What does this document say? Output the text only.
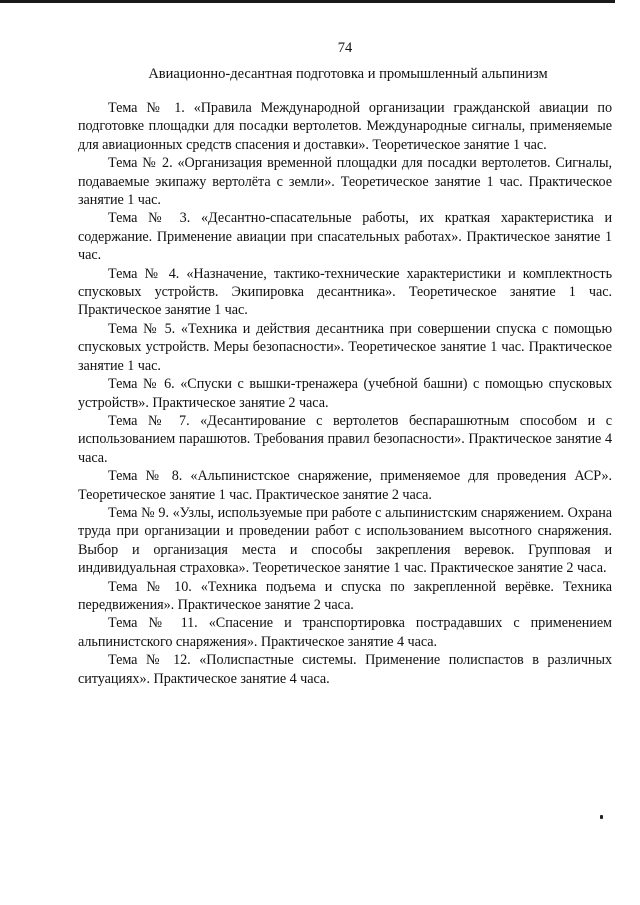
74
Авиационно-десантная подготовка и промышленный альпинизм

Тема № 1. «Правила Международной организации гражданской авиации по подготовке площадки для посадки вертолетов. Международные сигналы, применяемые для авиационных средств спасения и доставки». Теоретическое занятие 1 час.

Тема № 2. «Организация временной площадки для посадки вертолетов. Сигналы, подаваемые экипажу вертолёта с земли». Теоретическое занятие 1 час. Практическое занятие 1 час.

Тема № 3. «Десантно-спасательные работы, их краткая характеристика и содержание. Применение авиации при спасательных работах». Практическое занятие 1 час.

Тема № 4. «Назначение, тактико-технические характеристики и комплектность спусковых устройств. Экипировка десантника». Теоретическое занятие 1 час. Практическое занятие 1 час.

Тема № 5. «Техника и действия десантника при совершении спуска с помощью спусковых устройств. Меры безопасности». Теоретическое занятие 1 час. Практическое занятие 1 час.

Тема № 6. «Спуски с вышки-тренажера (учебной башни) с помощью спусковых устройств». Практическое занятие 2 часа.

Тема № 7. «Десантирование с вертолетов беспарашютным способом и с использованием парашютов. Требования правил безопасности». Практическое занятие 4 часа.

Тема № 8. «Альпинистское снаряжение, применяемое для проведения АСР». Теоретическое занятие 1 час. Практическое занятие 2 часа.

Тема № 9. «Узлы, используемые при работе с альпинистским снаряжением. Охрана труда при организации и проведении работ с использованием высотного снаряжения. Выбор и организация места и способы закрепления веревок. Групповая и индивидуальная страховка». Теоретическое занятие 1 час. Практическое занятие 2 часа.

Тема № 10. «Техника подъема и спуска по закрепленной верёвке. Техника передвижения». Практическое занятие 2 часа.

Тема № 11. «Спасение и транспортировка пострадавших с применением альпинистского снаряжения». Практическое занятие 4 часа.

Тема № 12. «Полиспастные системы. Применение полиспастов в различных ситуациях». Практическое занятие 4 часа.
